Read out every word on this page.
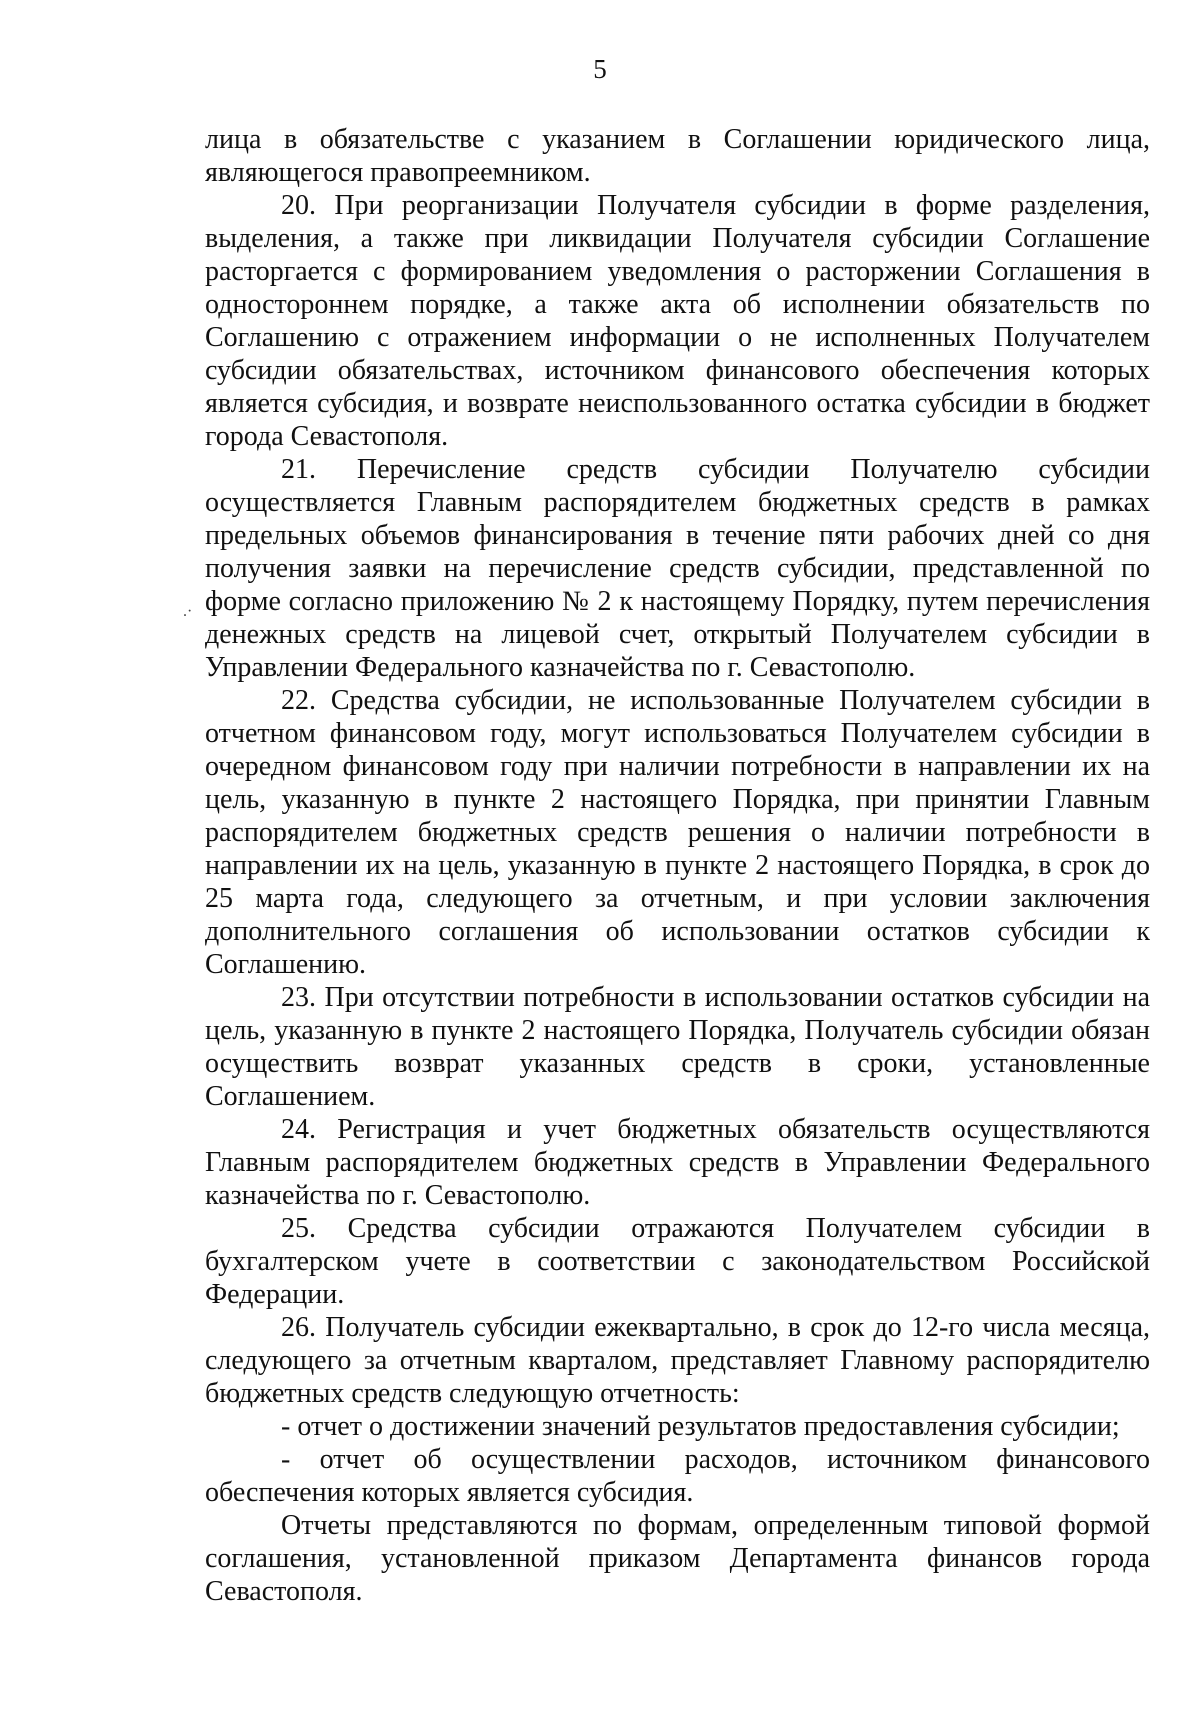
5
.·

лица в обязательстве с указанием в Соглашении юридического лица, являющегося правопреемником.

20. При реорганизации Получателя субсидии в форме разделения, выделения, а также при ликвидации Получателя субсидии Соглашение расторгается с формированием уведомления о расторжении Соглашения в одностороннем порядке, а также акта об исполнении обязательств по Соглашению с отражением информации о не исполненных Получателем субсидии обязательствах, источником финансового обеспечения которых является субсидия, и возврате неиспользованного остатка субсидии в бюджет города Севастополя.

21. Перечисление средств субсидии Получателю субсидии осуществляется Главным распорядителем бюджетных средств в рамках предельных объемов финансирования в течение пяти рабочих дней со дня получения заявки на перечисление средств субсидии, представленной по форме согласно приложению № 2 к настоящему Порядку, путем перечисления денежных средств на лицевой счет, открытый Получателем субсидии в Управлении Федерального казначейства по г. Севастополю.

22. Средства субсидии, не использованные Получателем субсидии в отчетном финансовом году, могут использоваться Получателем субсидии в очередном финансовом году при наличии потребности в направлении их на цель, указанную в пункте 2 настоящего Порядка, при принятии Главным распорядителем бюджетных средств решения о наличии потребности в направлении их на цель, указанную в пункте 2 настоящего Порядка, в срок до 25 марта года, следующего за отчетным, и при условии заключения дополнительного соглашения об использовании остатков субсидии к Соглашению.

23. При отсутствии потребности в использовании остатков субсидии на цель, указанную в пункте 2 настоящего Порядка, Получатель субсидии обязан осуществить возврат указанных средств в сроки, установленные Соглашением.

24. Регистрация и учет бюджетных обязательств осуществляются Главным распорядителем бюджетных средств в Управлении Федерального казначейства по г. Севастополю.

25. Средства субсидии отражаются Получателем субсидии в бухгалтерском учете в соответствии с законодательством Российской Федерации.

26. Получатель субсидии ежеквартально, в срок до 12-го числа месяца, следующего за отчетным кварталом, представляет Главному распорядителю бюджетных средств следующую отчетность:

- отчет о достижении значений результатов предоставления субсидии;

- отчет об осуществлении расходов, источником финансового обеспечения которых является субсидия.

Отчеты представляются по формам, определенным типовой формой соглашения, установленной приказом Департамента финансов города Севастополя.
